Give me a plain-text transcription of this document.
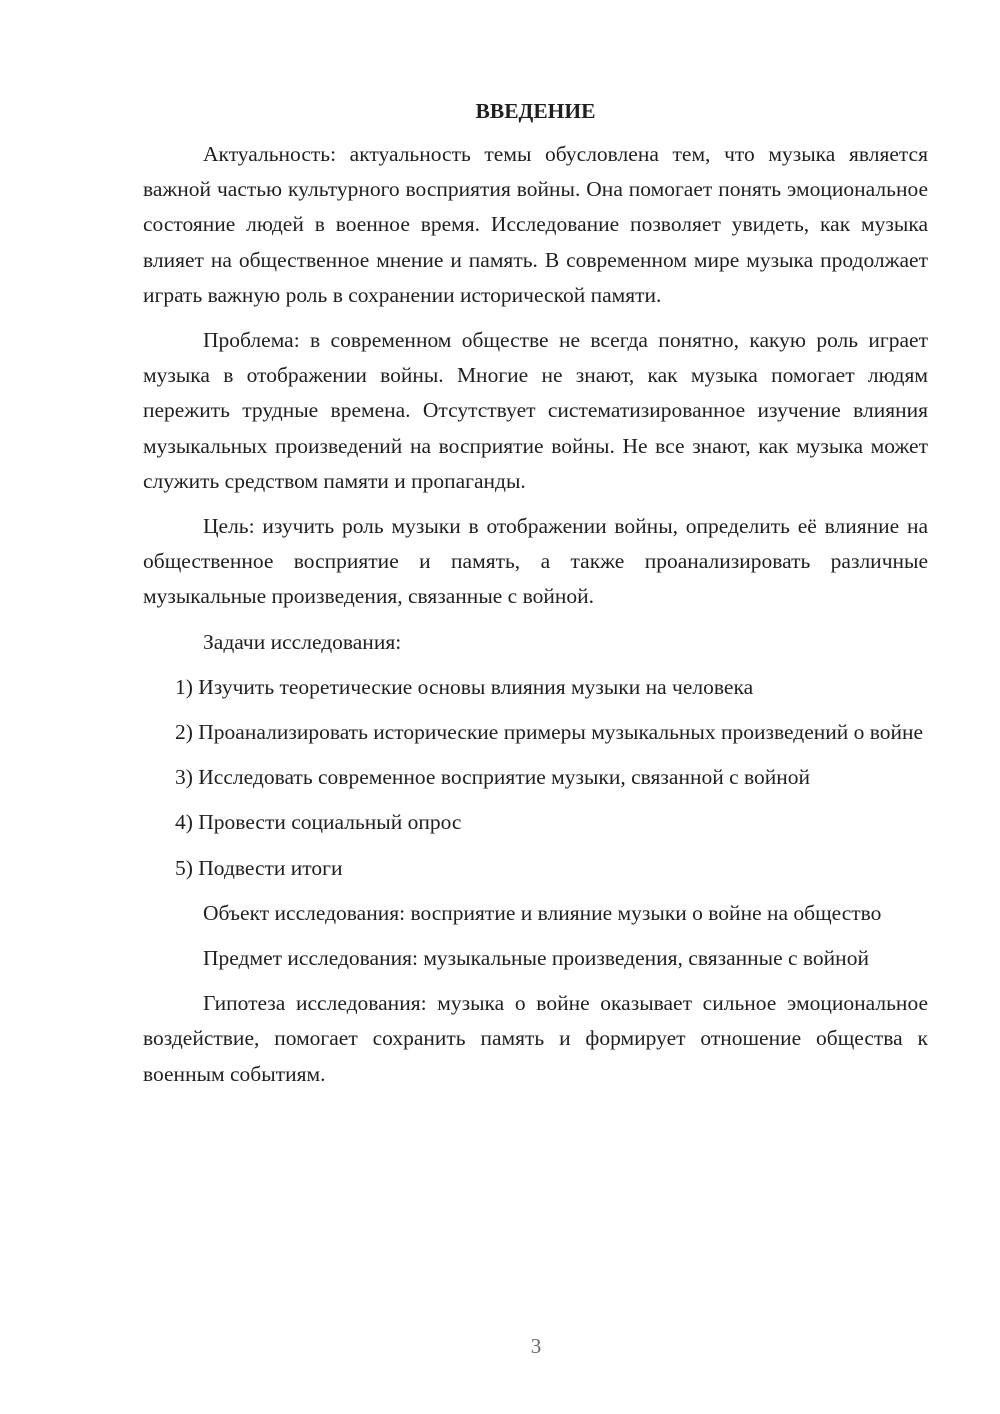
ВВЕДЕНИЕ

Актуальность: актуальность темы обусловлена тем, что музыка является важной частью культурного восприятия войны. Она помогает понять эмоциональное состояние людей в военное время. Исследование позволяет увидеть, как музыка влияет на общественное мнение и память. В современном мире музыка продолжает играть важную роль в сохранении исторической памяти.

Проблема: в современном обществе не всегда понятно, какую роль играет музыка в отображении войны. Многие не знают, как музыка помогает людям пережить трудные времена. Отсутствует систематизированное изучение влияния музыкальных произведений на восприятие войны. Не все знают, как музыка может служить средством памяти и пропаганды.

Цель: изучить роль музыки в отображении войны, определить её влияние на общественное восприятие и память, а также проанализировать различные музыкальные произведения, связанные с войной.

Задачи исследования:

1) Изучить теоретические основы влияния музыки на человека

2) Проанализировать исторические примеры музыкальных произведений о войне

3) Исследовать современное восприятие музыки, связанной с войной

4) Провести социальный опрос

5) Подвести итоги

Объект исследования: восприятие и влияние музыки о войне на общество

Предмет исследования: музыкальные произведения, связанные с войной

Гипотеза исследования: музыка о войне оказывает сильное эмоциональное воздействие, помогает сохранить память и формирует отношение общества к военным событиям.

3
